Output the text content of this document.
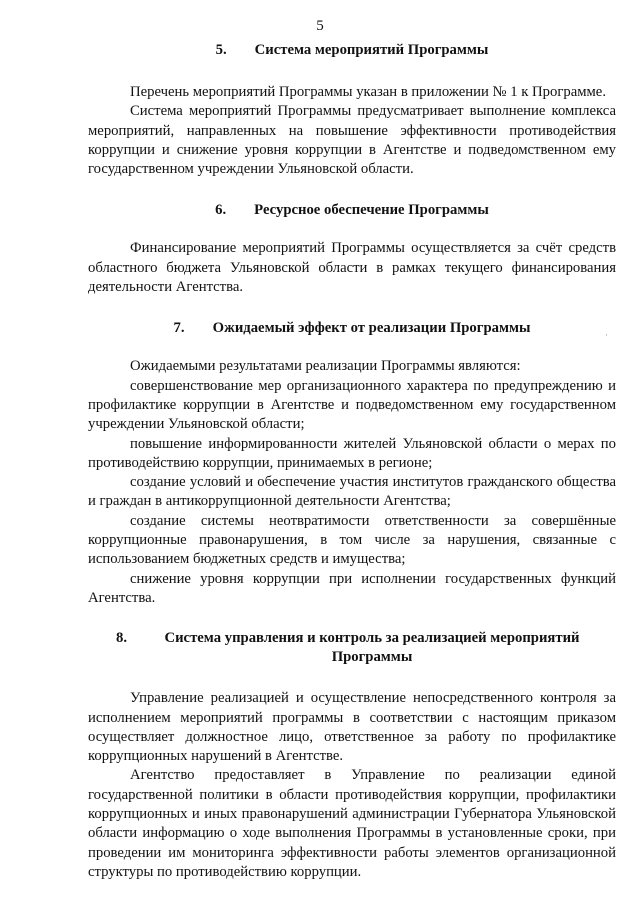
5
5. Система мероприятий Программы

Перечень мероприятий Программы указан в приложении № 1 к Программе.

Система мероприятий Программы предусматривает выполнение комплекса мероприятий, направленных на повышение эффективности противодействия коррупции и снижение уровня коррупции в Агентстве и подведомственном ему государственном учреждении Ульяновской области.

6. Ресурсное обеспечение Программы

Финансирование мероприятий Программы осуществляется за счёт средств областного бюджета Ульяновской области в рамках текущего финансирования деятельности Агентства.

7. Ожидаемый эффект от реализации Программы

Ожидаемыми результатами реализации Программы являются:

совершенствование мер организационного характера по предупреждению и профилактике коррупции в Агентстве и подведомственном ему государственном учреждении Ульяновской области;

повышение информированности жителей Ульяновской области о мерах по противодействию коррупции, принимаемых в регионе;

создание условий и обеспечение участия институтов гражданского общества и граждан в антикоррупционной деятельности Агентства;

создание системы неотвратимости ответственности за совершённые коррупционные правонарушения, в том числе за нарушения, связанные с использованием бюджетных средств и имущества;

снижение уровня коррупции при исполнении государственных функций Агентства.

8.	Система управления и контроль за реализацией мероприятий
Программы

Управление реализацией и осуществление непосредственного контроля за исполнением мероприятий программы в соответствии с настоящим приказом осуществляет должностное лицо, ответственное за работу по профилактике коррупционных нарушений в Агентстве.

Агентство предоставляет в Управление по реализации единой государственной политики в области противодействия коррупции, профилактики коррупционных и иных правонарушений администрации Губернатора Ульяновской области информацию о ходе выполнения Программы в установленные сроки, при проведении им мониторинга эффективности работы элементов организационной структуры по противодействию коррупции.

·
